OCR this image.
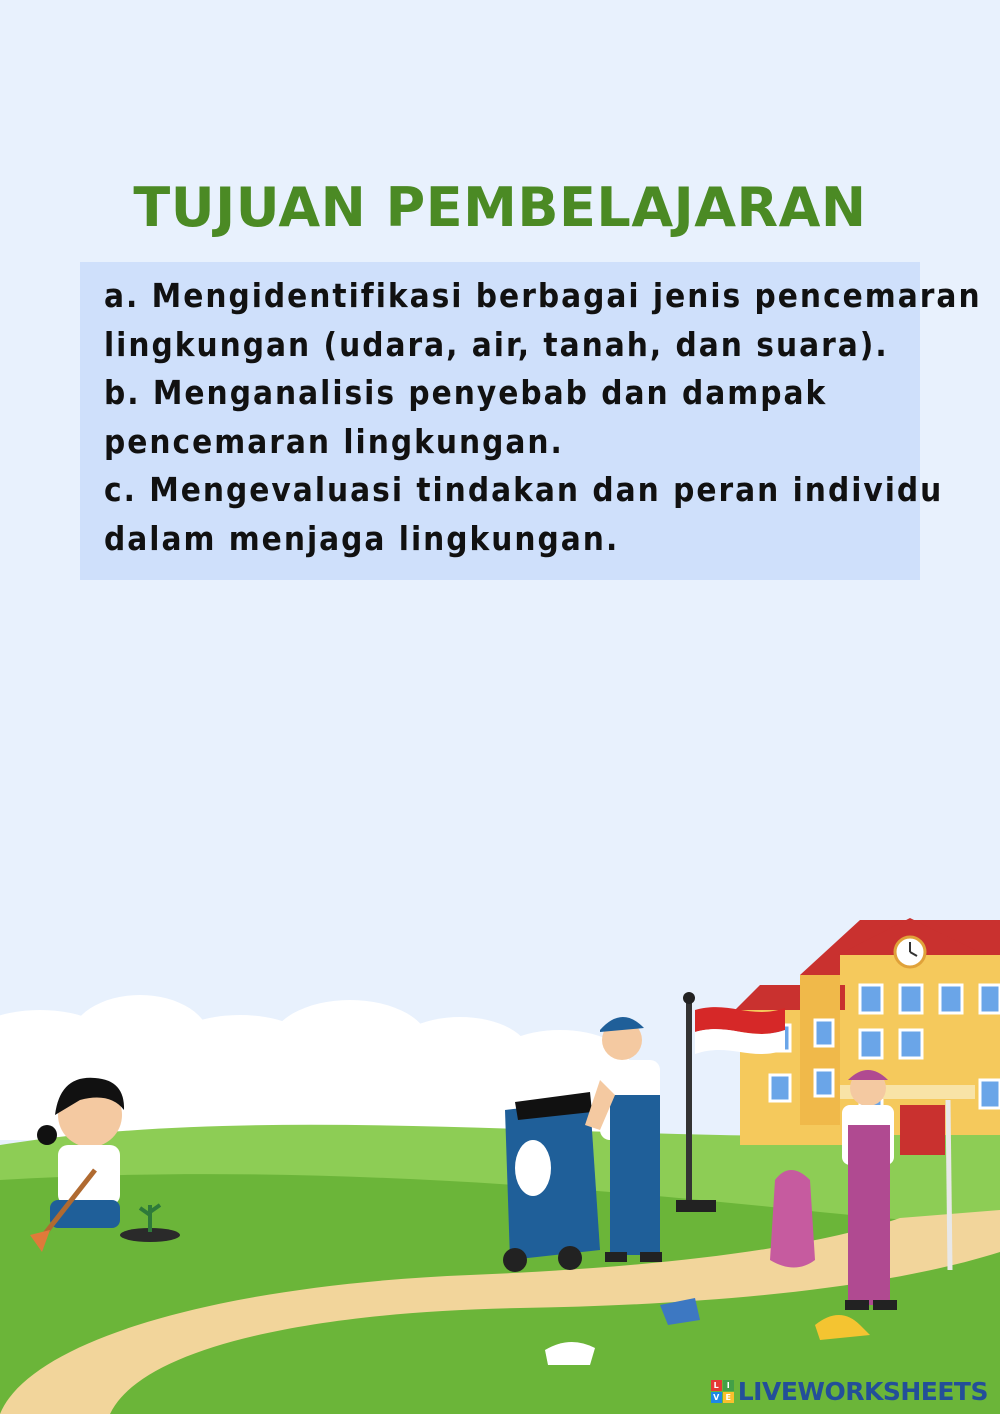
TUJUAN PEMBELAJARAN

a. Mengidentifikasi berbagai jenis pencemaran

lingkungan (udara, air, tanah, dan suara).

b. Menganalisis penyebab dan dampak

pencemaran lingkungan.

c. Mengevaluasi tindakan dan peran individu

dalam menjaga lingkungan.

L I
V E LIVEWORKSHEETS
